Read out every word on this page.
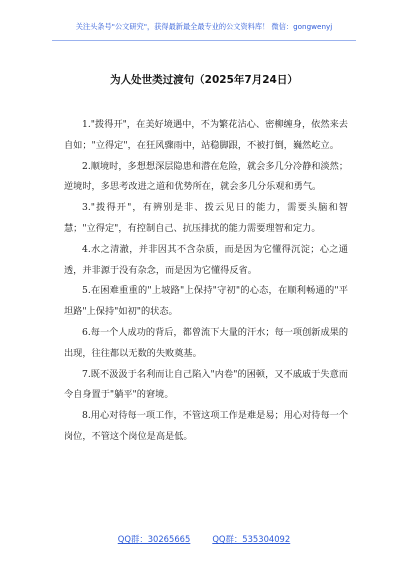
关注头条号"公文研究"，获得最新最全最专业的公文资料库！ 微信：gongwenyj
为人处世类过渡句（2025年7月24日）

1."拨得开"，在美好境遇中，不为繁花沾心、密柳缠身，依然来去自如；"立得定"，在狂风骤雨中，站稳脚跟，不被打倒，巍然屹立。

2.顺境时，多想想深层隐患和潜在危险，就会多几分冷静和淡然；逆境时，多思考改进之道和优势所在，就会多几分乐观和勇气。

3."拨得开"，有辨别是非、拨云见日的能力，需要头脑和智慧；"立得定"，有控制自己、抗压排扰的能力需要理智和定力。

4.水之清澈，并非因其不含杂质，而是因为它懂得沉淀；心之通透，并非源于没有杂念，而是因为它懂得反省。

5.在困难重重的"上坡路"上保持"守初"的心态，在顺利畅通的"平坦路"上保持"如初"的状态。

6.每一个人成功的背后，都曾流下大量的汗水；每一项创新成果的出现，往往都以无数的失败奠基。

7.既不汲汲于名利而让自己陷入"内卷"的困顿，又不戚戚于失意而令自身置于"躺平"的窘境。

8.用心对待每一项工作，不管这项工作是难是易；用心对待每一个岗位，不管这个岗位是高是低。

QQ群：30265665	QQ群：535304092
